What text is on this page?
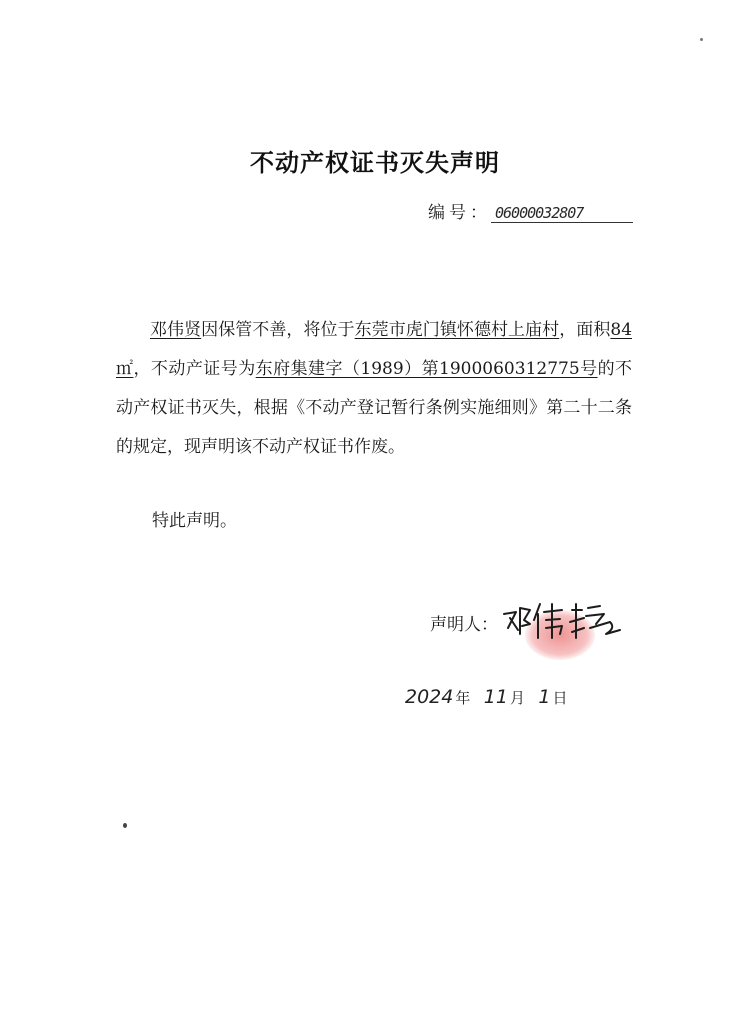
不动产权证书灭失声明
编号： 06000032807

邓伟贤因保管不善，将位于东莞市虎门镇怀德村上庙村，面积84 ㎡，不动产证号为东府集建字（1989）第1900060312775号的不动产权证书灭失，根据《不动产登记暂行条例实施细则》第二十二条的规定，现声明该不动产权证书作废。

特此声明。
声明人：
邓伟贤
2024 年 11 月 1 日
